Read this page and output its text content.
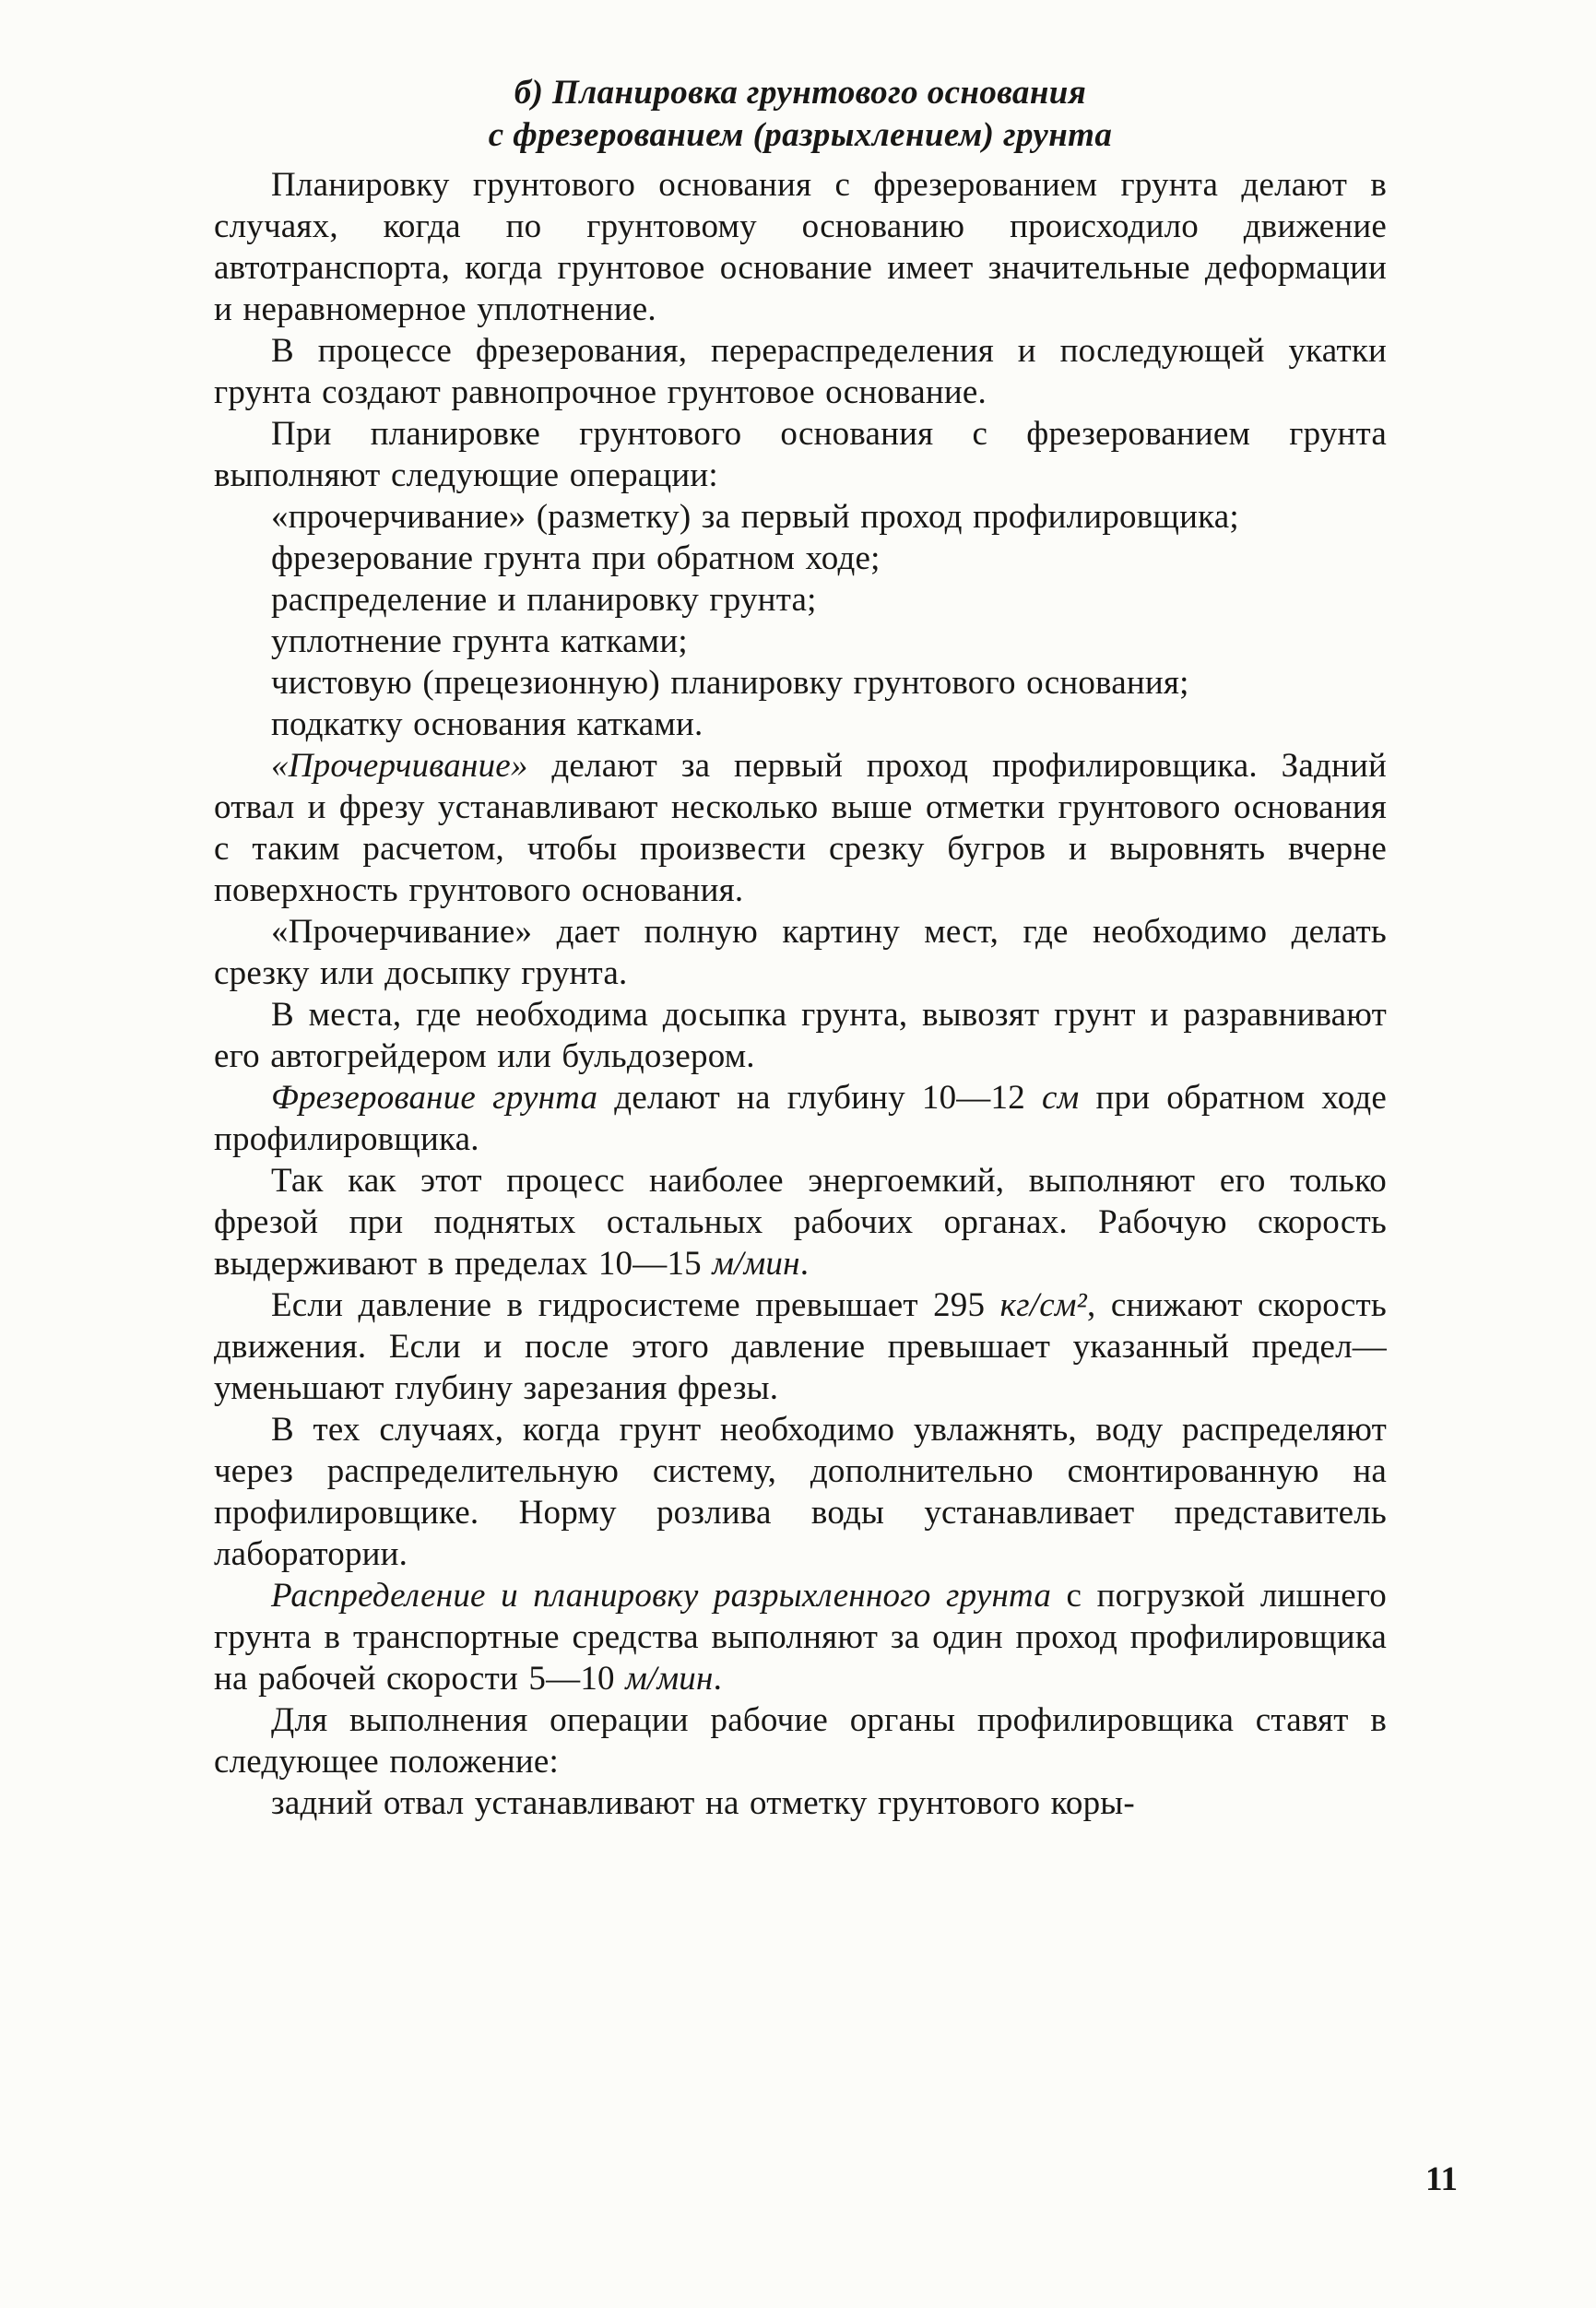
б) Планировка грунтового основания
с фрезерованием (разрыхлением) грунта

Планировку грунтового основания с фрезерованием грунта делают в случаях, когда по грунтовому основанию происходило движение автотранспорта, когда грунтовое основание имеет значительные деформации и неравномерное уплотнение.

В процессе фрезерования, перераспределения и последующей укатки грунта создают равнопрочное грунтовое основание.

При планировке грунтового основания с фрезерованием грунта выполняют следующие операции:

«прочерчивание» (разметку) за первый проход профилировщика;

фрезерование грунта при обратном ходе;

распределение и планировку грунта;

уплотнение грунта катками;

чистовую (прецезионную) планировку грунтового основания;

подкатку основания катками.

«Прочерчивание» делают за первый проход профилировщика. Задний отвал и фрезу устанавливают несколько выше отметки грунтового основания с таким расчетом, чтобы произвести срезку бугров и выровнять вчерне поверхность грунтового основания.

«Прочерчивание» дает полную картину мест, где необходимо делать срезку или досыпку грунта.

В места, где необходима досыпка грунта, вывозят грунт и разравнивают его автогрейдером или бульдозером.

Фрезерование грунта делают на глубину 10—12 см при обратном ходе профилировщика.

Так как этот процесс наиболее энергоемкий, выполняют его только фрезой при поднятых остальных рабочих органах. Рабочую скорость выдерживают в пределах 10—15 м/мин.

Если давление в гидросистеме превышает 295 кг/см², снижают скорость движения. Если и после этого давление превышает указанный предел—уменьшают глубину зарезания фрезы.

В тех случаях, когда грунт необходимо увлажнять, воду распределяют через распределительную систему, дополнительно смонтированную на профилировщике. Норму розлива воды устанавливает представитель лаборатории.

Распределение и планировку разрыхленного грунта с погрузкой лишнего грунта в транспортные средства выполняют за один проход профилировщика на рабочей скорости 5—10 м/мин.

Для выполнения операции рабочие органы профилировщика ставят в следующее положение:

задний отвал устанавливают на отметку грунтового коры-

11
